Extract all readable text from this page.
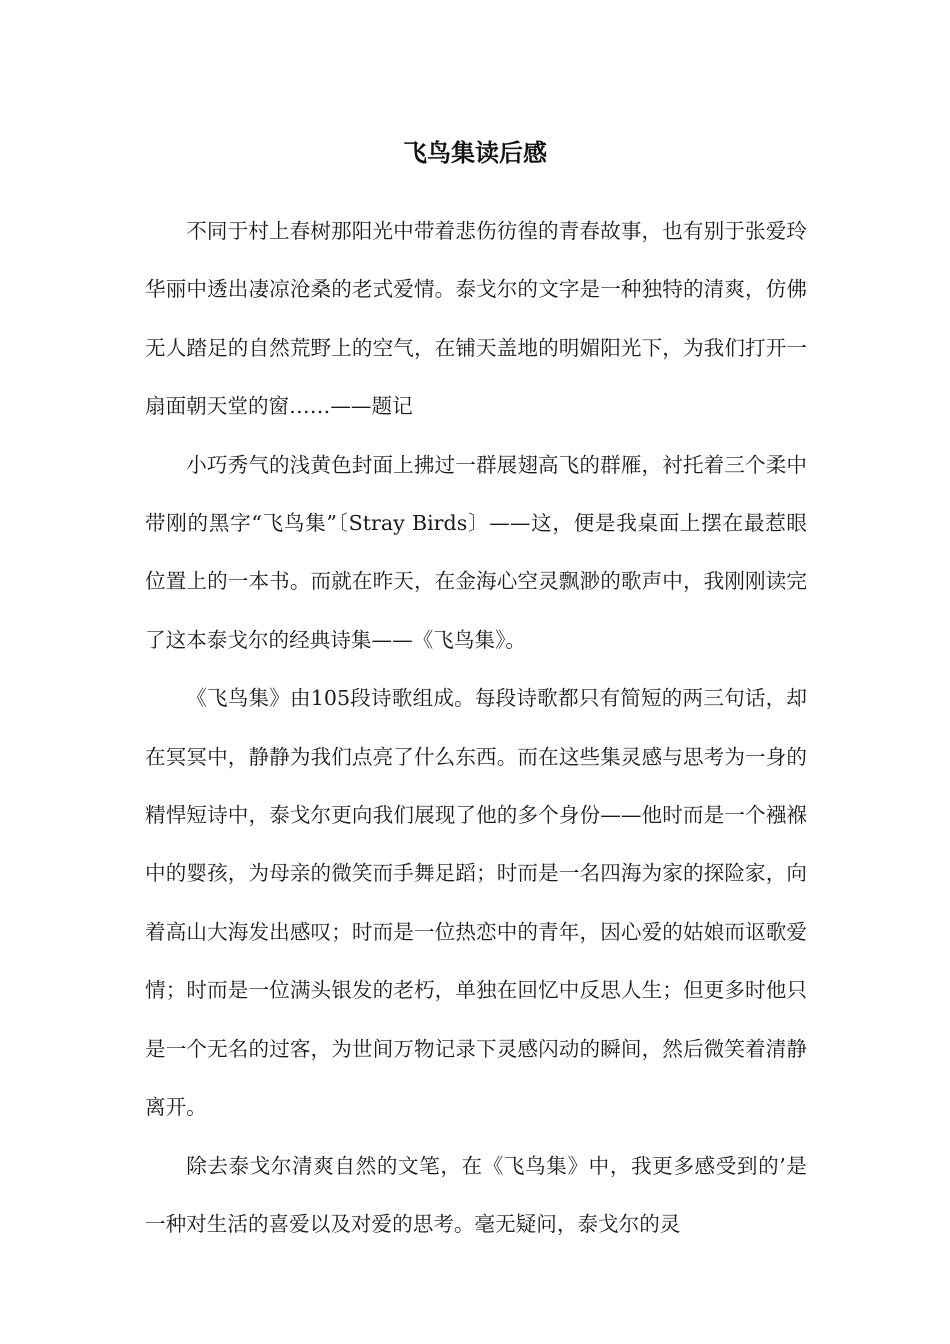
飞鸟集读后感

不同于村上春树那阳光中带着悲伤彷徨的青春故事，也有别于张爱玲华丽中透出凄凉沧桑的老式爱情。泰戈尔的文字是一种独特的清爽，仿佛无人踏足的自然荒野上的空气，在铺天盖地的明媚阳光下，为我们打开一扇面朝天堂的窗……——题记

小巧秀气的浅黄色封面上拂过一群展翅高飞的群雁，衬托着三个柔中带刚的黑字“飞鸟集”〔Stray Birds〕——这，便是我桌面上摆在最惹眼位置上的一本书。而就在昨天，在金海心空灵飘渺的歌声中，我刚刚读完了这本泰戈尔的经典诗集——《飞鸟集》。

《飞鸟集》由105段诗歌组成。每段诗歌都只有简短的两三句话，却在冥冥中，静静为我们点亮了什么东西。而在这些集灵感与思考为一身的精悍短诗中，泰戈尔更向我们展现了他的多个身份——他时而是一个襁褓中的婴孩，为母亲的微笑而手舞足蹈；时而是一名四海为家的探险家，向着高山大海发出感叹；时而是一位热恋中的青年，因心爱的姑娘而讴歌爱情；时而是一位满头银发的老朽，单独在回忆中反思人生；但更多时他只是一个无名的过客，为世间万物记录下灵感闪动的瞬间，然后微笑着清静离开。

除去泰戈尔清爽自然的文笔，在《飞鸟集》中，我更多感受到的’是一种对生活的喜爱以及对爱的思考。毫无疑问，泰戈尔的灵
